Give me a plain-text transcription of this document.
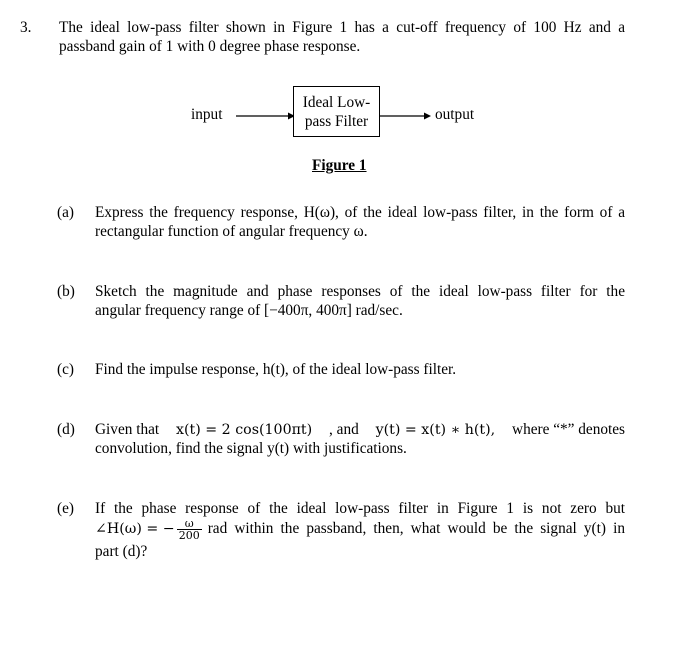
3. The ideal low-pass filter shown in Figure 1 has a cut-off frequency of 100 Hz and a
passband gain of 1 with 0 degree phase response.
input
Ideal Low-
pass Filter	output
Figure 1
(a) Express the frequency response, H(ω), of the ideal low-pass filter, in the form of a
rectangular function of angular frequency ω.
(b) Sketch the magnitude and phase responses of the ideal low-pass filter for the
angular frequency range of [−400π, 400π] rad/sec.
(c) Find the impulse response, h(t), of the ideal low-pass filter.
(d) Given that x(t) = 2 cos(100πt) , and y(t) = x(t) ∗ h(t), where “*” denotes
convolution, find the signal y(t) with justifications.
(e) If the phase response of the ideal low-pass filter in Figure 1 is not zero but
∠H(ω) = − $\frac{\omega}{200}$ rad within the passband, then, what would be the signal y(t) in
part (d)?
